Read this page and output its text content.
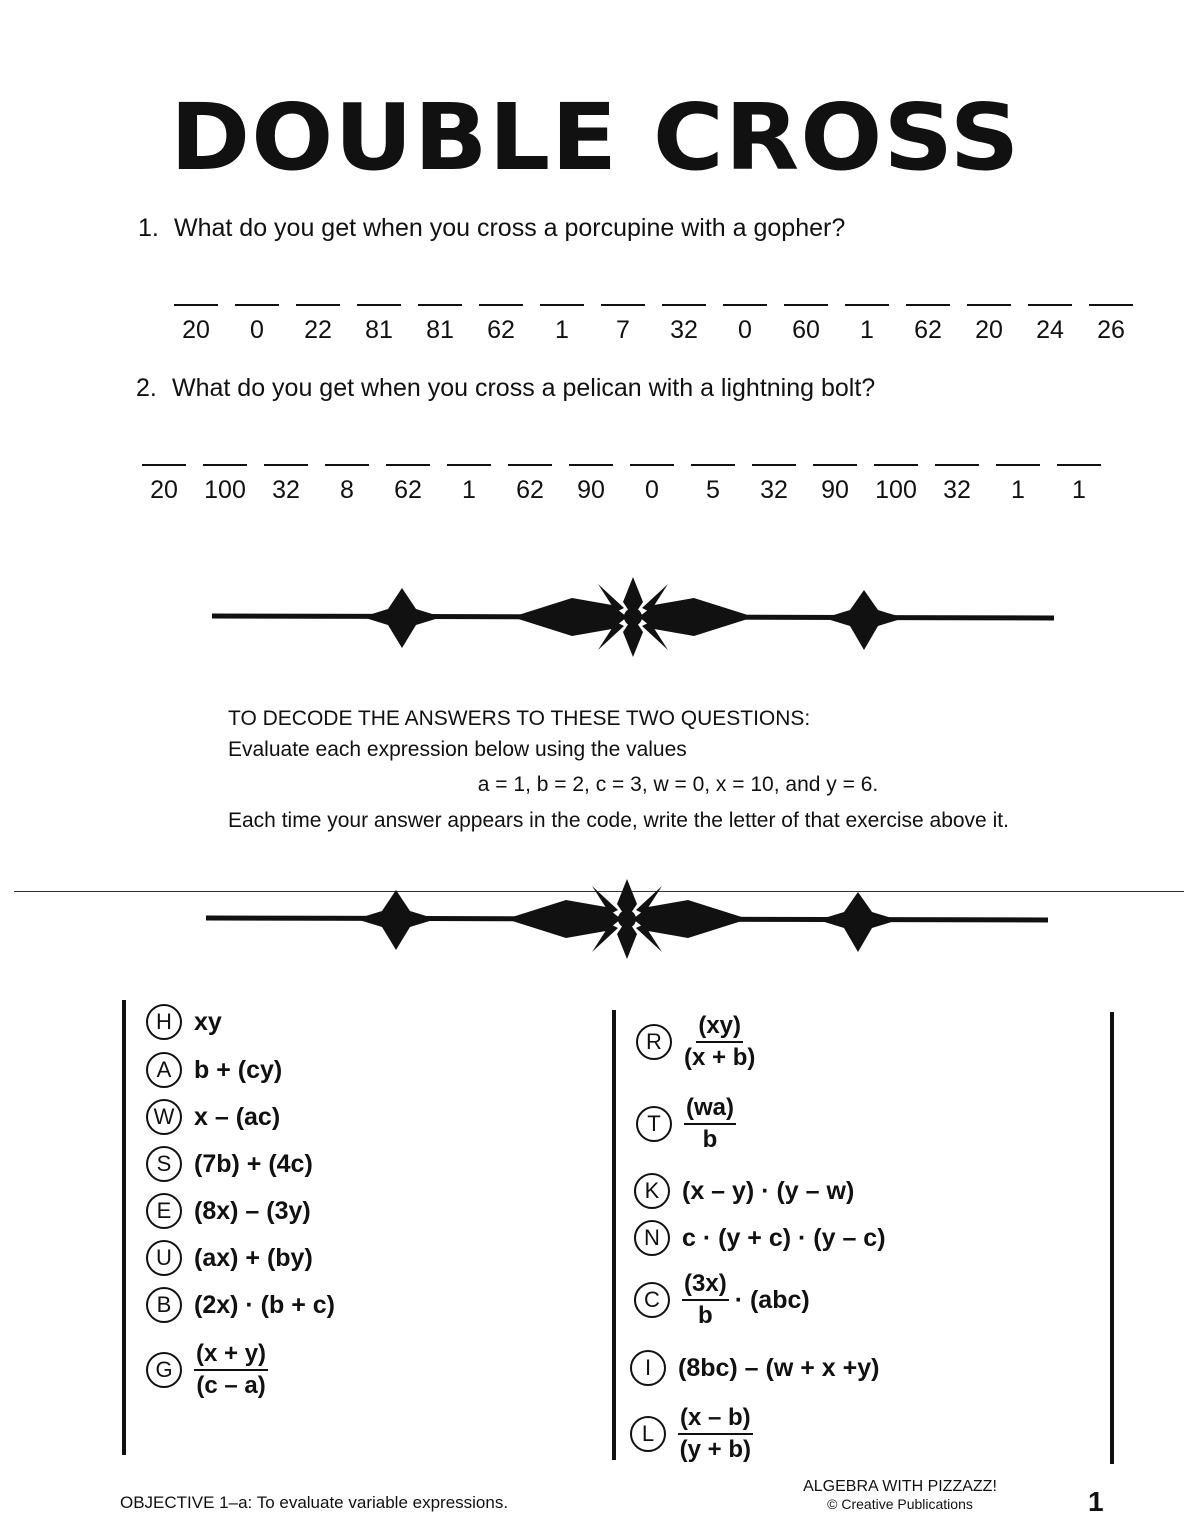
DOUBLE CROSS
1. What do you get when you cross a porcupine with a gopher?
20	0	22	81	81	62	1	7	32	0	60	1	62	20	24	26
2. What do you get when you cross a pelican with a lightning bolt?
20	100	32	8	62	1	62	90	0	5	32	90	100	32	1	1

TO DECODE THE ANSWERS TO THESE TWO QUESTIONS:

Evaluate each expression below using the values

a = 1, b = 2, c = 3, w = 0, x = 10, and y = 6.

Each time your answer appears in the code, write the letter of that exercise above it.

H xy
A b + (cy)
W x – (ac)
S (7b) + (4c)
E (8x) – (3y)
U (ax) + (by)
B (2x) · (b + c)
G $\frac{(x + y)}{(c - a)}$
R $\frac{(xy)}{(x + b)}$
T $\frac{(wa)}{b}$
K (x – y) · (y – w)
N c · (y + c) · (y – c)
C $\frac{(3x)}{b} \cdot (abc)$
I	(8bc) – (w + x +y)
L $\frac{(x - b)}{(y + b)}$
OBJECTIVE 1–a: To evaluate variable expressions.
ALGEBRA WITH PIZZAZZ!
© Creative Publications	1
